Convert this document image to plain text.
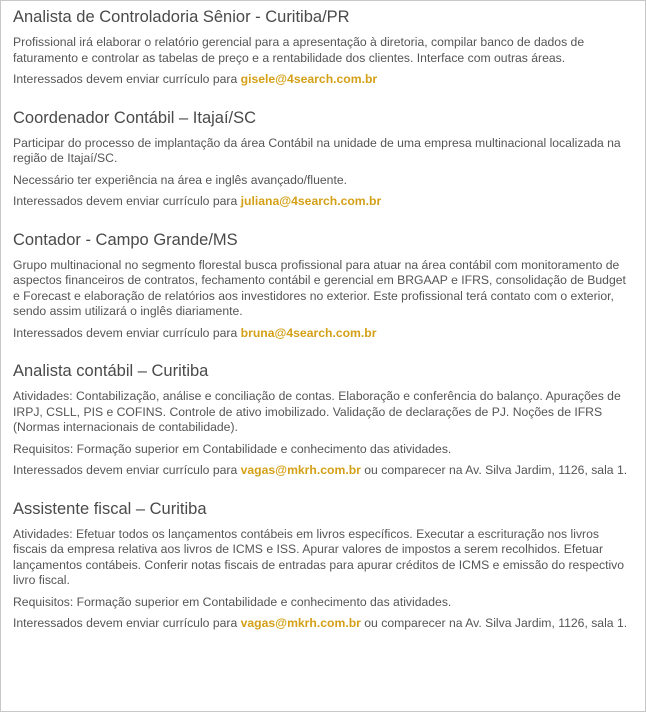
Analista de Controladoria Sênior - Curitiba/PR

Profissional irá elaborar o relatório gerencial para a apresentação à diretoria, compilar banco de dados de faturamento e controlar as tabelas de preço e a rentabilidade dos clientes. Interface com outras áreas.

Interessados devem enviar currículo para gisele@4search.com.br

Coordenador Contábil – Itajaí/SC

Participar do processo de implantação da área Contábil na unidade de uma empresa multinacional localizada na região de Itajaí/SC.

Necessário ter experiência na área e inglês avançado/fluente.

Interessados devem enviar currículo para juliana@4search.com.br

Contador - Campo Grande/MS

Grupo multinacional no segmento florestal busca profissional para atuar na área contábil com monitoramento de aspectos financeiros de contratos, fechamento contábil e gerencial em BRGAAP e IFRS, consolidação de Budget e Forecast e elaboração de relatórios aos investidores no exterior. Este profissional terá contato com o exterior, sendo assim utilizará o inglês diariamente.

Interessados devem enviar currículo para bruna@4search.com.br

Analista contábil – Curitiba

Atividades: Contabilização, análise e conciliação de contas. Elaboração e conferência do balanço. Apurações de IRPJ, CSLL, PIS e COFINS. Controle de ativo imobilizado. Validação de declarações de PJ. Noções de IFRS (Normas internacionais de contabilidade).

Requisitos: Formação superior em Contabilidade e conhecimento das atividades.

Interessados devem enviar currículo para vagas@mkrh.com.br ou comparecer na Av. Silva Jardim, 1126, sala 1.

Assistente fiscal – Curitiba

Atividades: Efetuar todos os lançamentos contábeis em livros específicos. Executar a escrituração nos livros fiscais da empresa relativa aos livros de ICMS e ISS. Apurar valores de impostos a serem recolhidos. Efetuar lançamentos contábeis. Conferir notas fiscais de entradas para apurar créditos de ICMS e emissão do respectivo livro fiscal.

Requisitos: Formação superior em Contabilidade e conhecimento das atividades.

Interessados devem enviar currículo para vagas@mkrh.com.br ou comparecer na Av. Silva Jardim, 1126, sala 1.
